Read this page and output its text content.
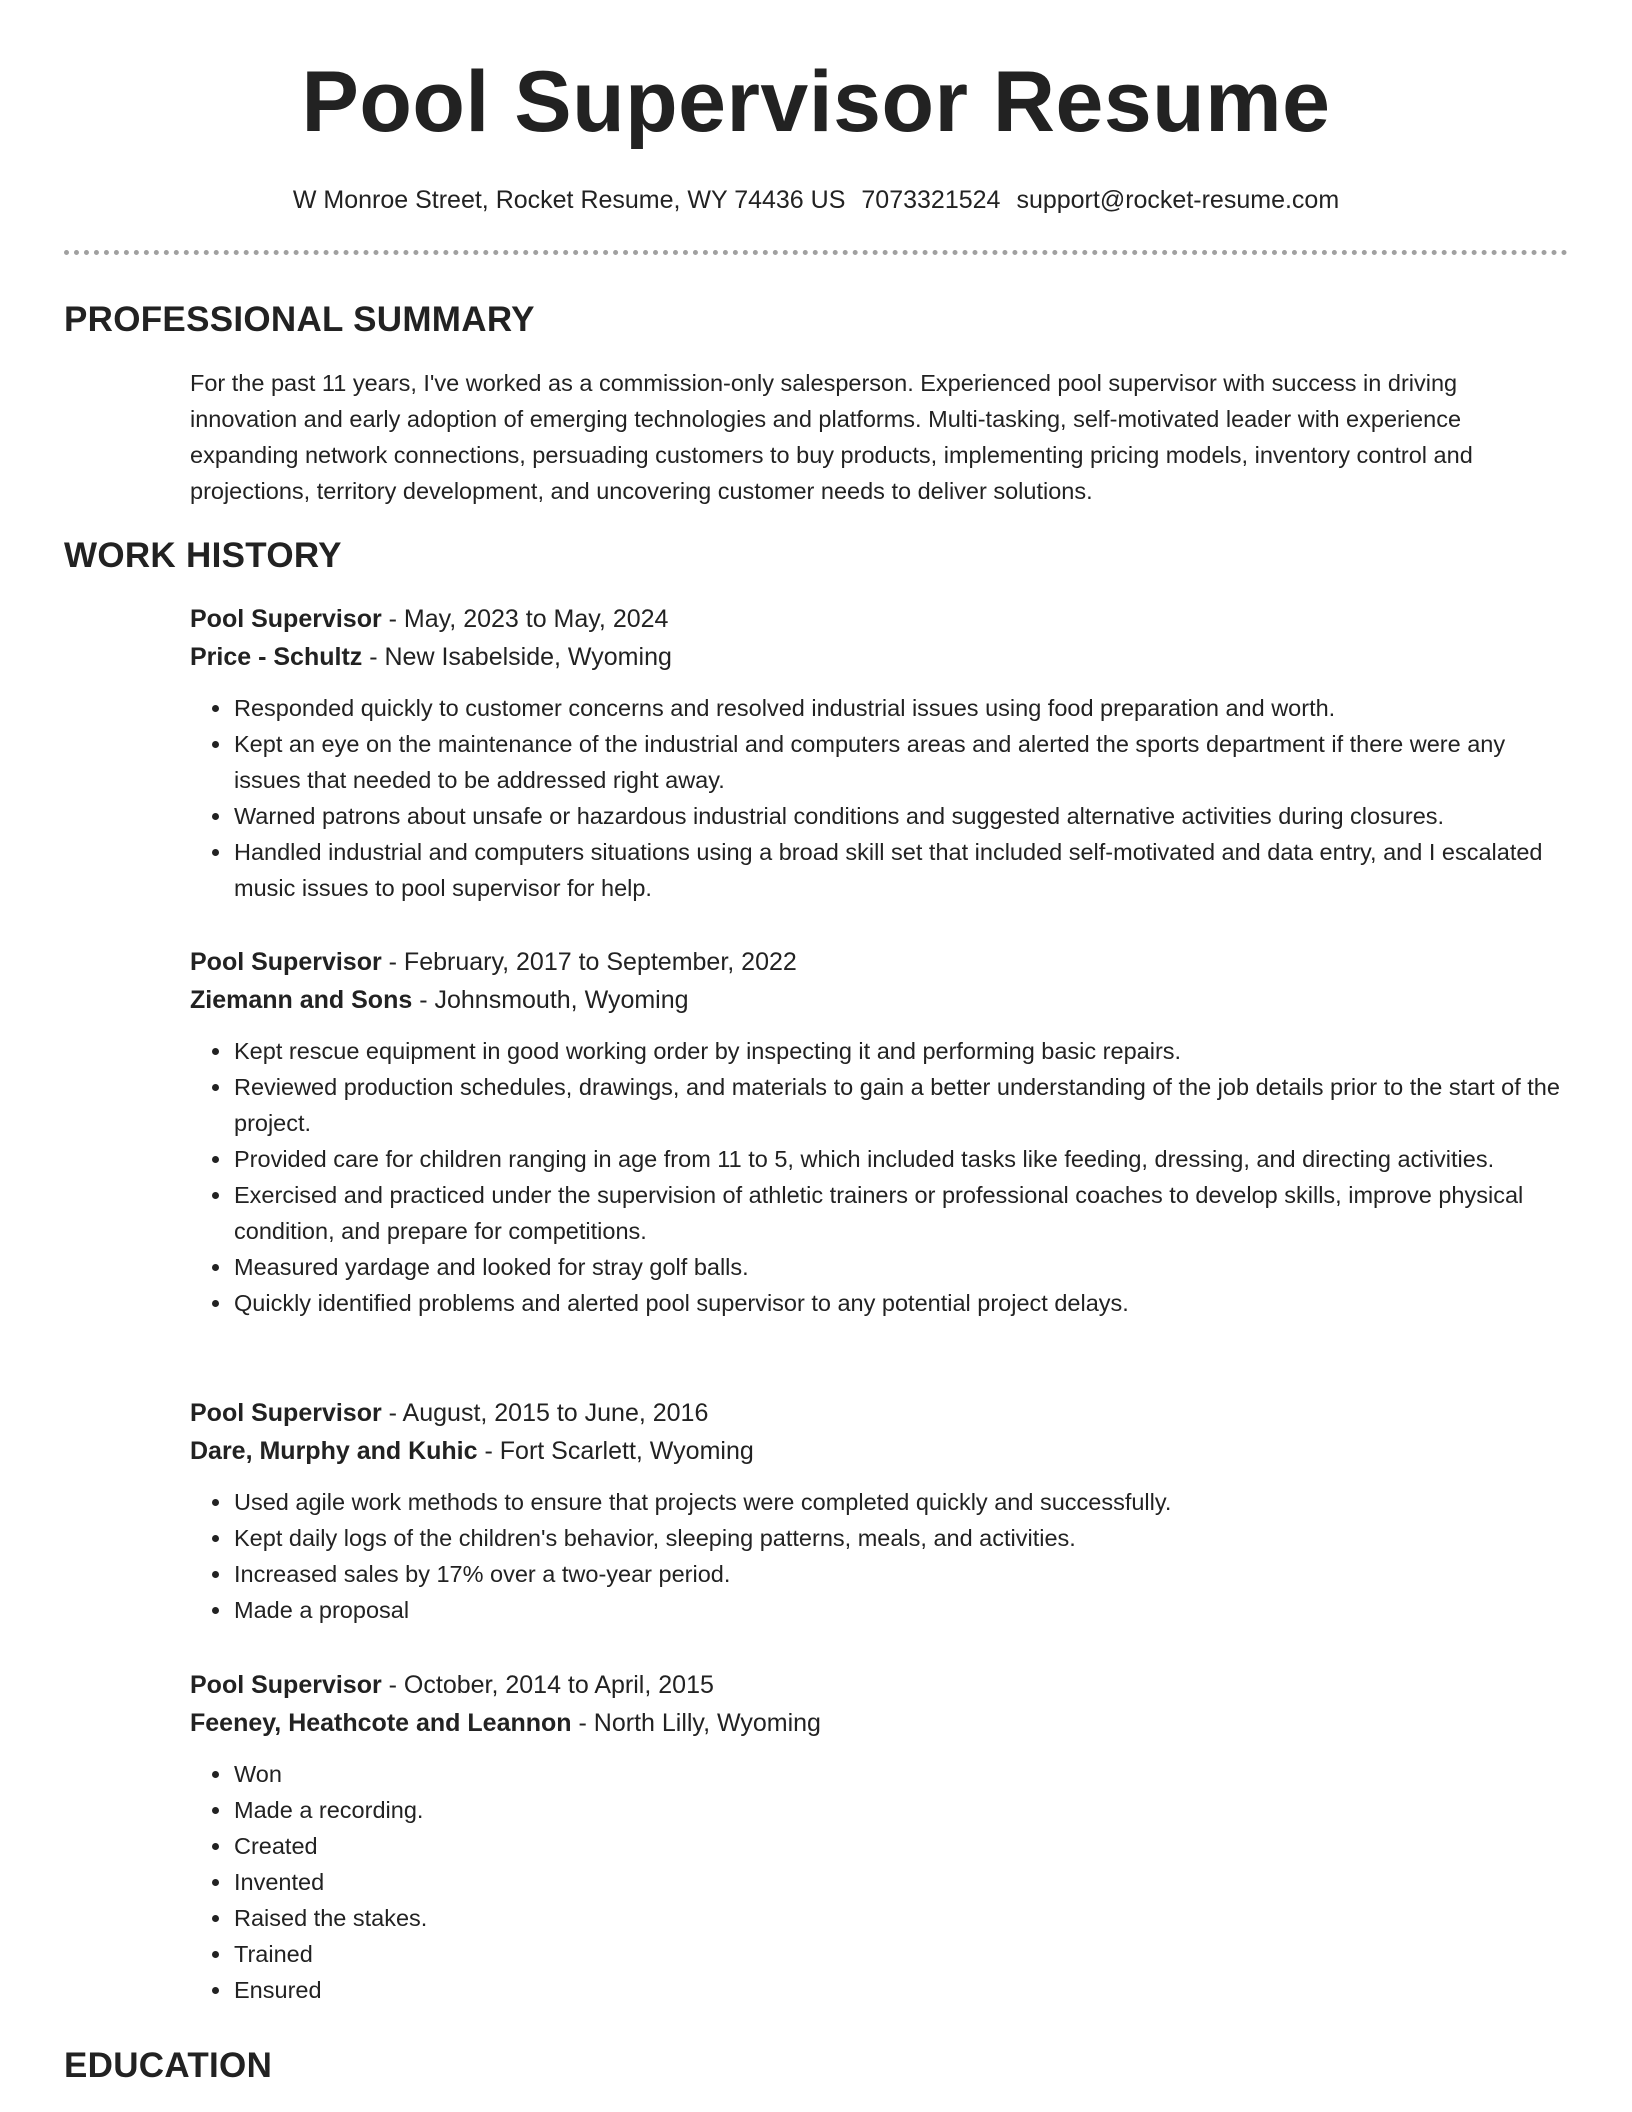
Pool Supervisor Resume
W Monroe Street, Rocket Resume, WY 74436 US 7073321524 support@rocket-resume.com
PROFESSIONAL SUMMARY
For the past 11 years, I've worked as a commission-only salesperson. Experienced pool supervisor with success in driving innovation and early adoption of emerging technologies and platforms. Multi-tasking, self-motivated leader with experience expanding network connections, persuading customers to buy products, implementing pricing models, inventory control and projections, territory development, and uncovering customer needs to deliver solutions.
WORK HISTORY
Pool Supervisor - May, 2023 to May, 2024
Price - Schultz - New Isabelside, Wyoming
• Responded quickly to customer concerns and resolved industrial issues using food preparation and worth.
• Kept an eye on the maintenance of the industrial and computers areas and alerted the sports department if there were any issues that needed to be addressed right away.
• Warned patrons about unsafe or hazardous industrial conditions and suggested alternative activities during closures.
• Handled industrial and computers situations using a broad skill set that included self-motivated and data entry, and I escalated music issues to pool supervisor for help.
Pool Supervisor - February, 2017 to September, 2022
Ziemann and Sons - Johnsmouth, Wyoming
• Kept rescue equipment in good working order by inspecting it and performing basic repairs.
• Reviewed production schedules, drawings, and materials to gain a better understanding of the job details prior to the start of the project.
• Provided care for children ranging in age from 11 to 5, which included tasks like feeding, dressing, and directing activities.
• Exercised and practiced under the supervision of athletic trainers or professional coaches to develop skills, improve physical condition, and prepare for competitions.
• Measured yardage and looked for stray golf balls.
• Quickly identified problems and alerted pool supervisor to any potential project delays.
Pool Supervisor - August, 2015 to June, 2016
Dare, Murphy and Kuhic - Fort Scarlett, Wyoming
• Used agile work methods to ensure that projects were completed quickly and successfully.
• Kept daily logs of the children's behavior, sleeping patterns, meals, and activities.
• Increased sales by 17% over a two-year period.
• Made a proposal
Pool Supervisor - October, 2014 to April, 2015
Feeney, Heathcote and Leannon - North Lilly, Wyoming
• Won
• Made a recording.
• Created
• Invented
• Raised the stakes.
• Trained
• Ensured
EDUCATION
